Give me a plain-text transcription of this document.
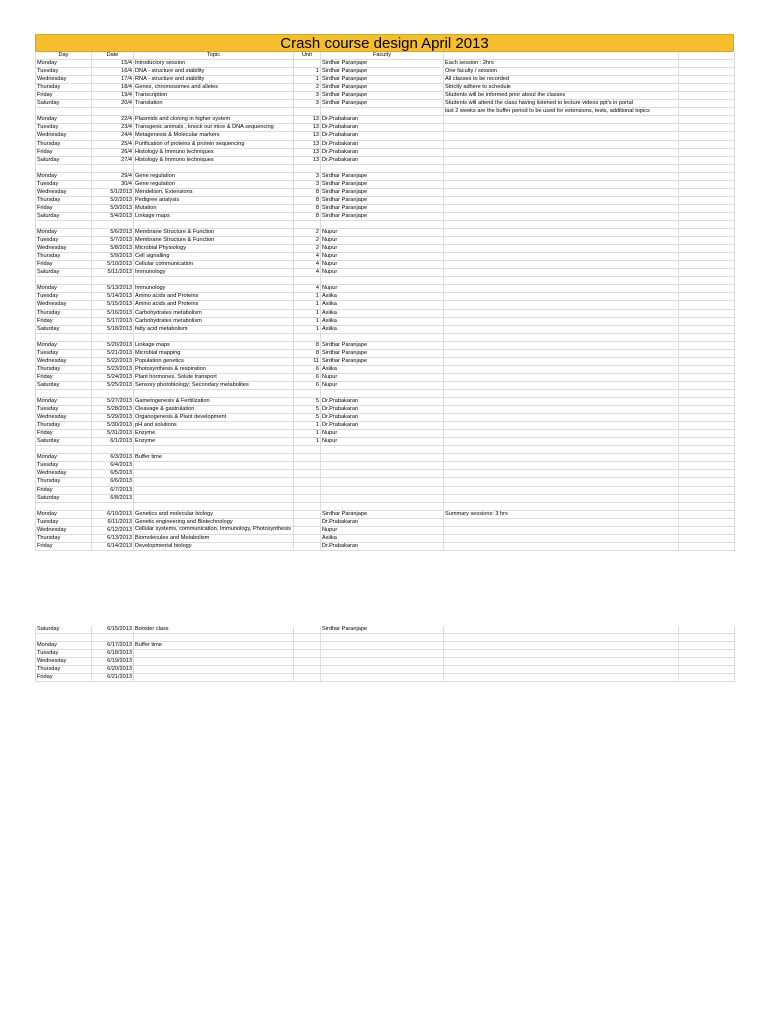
Crash course design April 2013
Day	Date	Topic	Unit	Faculty		
Monday	15/4	Introductory session		Sirdhar Paranjape	Each session : 2hrs	
Tuesday	16/4	DNA - structure and stability	1	Sirdhar Paranjape	One faculty / session	
Wednesday	17/4	RNA - structure and stability	1	Sirdhar Paranjape	All classes to be recorded	
Thursday	18/4	Genes, chromosomes and alleles	2	Sirdhar Paranjape	Strictly adhere to schedule	
Friday	19/4	Transcription	3	Sirdhar Paranjape	Students will be informed prior about the classes	
Saturday	20/4	Translation	3	Sirdhar Paranjape	Students will attend the class having listened to lecture videos ppt's in portal	
					last 2 weeks are the buffer period to be used for extensions, tests, additional topics	
Monday	22/4	Plasmids and cloning in higher system	13	Dr.Prabakaran		
Tuesday	23/4	Transgenic animals , knock out mice & DNA sequencing	13	Dr.Prabakaran		
Wednesday	24/4	Metagenesis & Molecular markers	13	Dr.Prabakaran		
Thursday	25/4	Purification of proteins & protein sequencing	13	Dr.Prabakaran		
Friday	26/4	Histology & Immuno techniques	13	Dr.Prabakaran		
Saturday	27/4	Histology & Immuno techniques	13	Dr.Prabakaran		

Monday	29/4	Gene regulation	3	Sirdhar Paranjape		
Tuesday	30/4	Gene regulation	3	Sirdhar Paranjape		
Wednesday	5/1/2013	Mendelism, Extensions	8	Sirdhar Paranjape		
Thursday	5/2/2013	Pedigree analysis	8	Sirdhar Paranjape		
Friday	5/3/2013	Mutation	8	Sirdhar Paranjape		
Saturday	5/4/2013	Linkage maps	8	Sirdhar Paranjape		

Monday	5/6/2013	Membrane Structure & Function	2	Nupur		
Tuesday	5/7/2013	Membrane Structure & Function	2	Nupur		
Wednesday	5/8/2013	Microbial Physiology	2	Nupur		
Thursday	5/9/2013	Cell signalling	4	Nupur		
Friday	5/10/2013	Cellular communication	4	Nupur		
Saturday	5/11/2013	Immunology	4	Nupur		

Monday	5/13/2013	Immunology	4	Nupur		
Tuesday	5/14/2013	Amino acids and Proteins	1	Asiika		
Wednesday	5/15/2013	Amino acids and Proteins	1	Asiika		
Thursday	5/16/2013	Carbohydrates metabolism	1	Asiika		
Friday	5/17/2013	Carbohydrates metabolism	1	Asiika		
Saturday	5/18/2013	fatty acid metabolism	1	Asiika		

Monday	5/20/2013	Linkage maps	8	Sirdhar Paranjape		
Tuesday	5/21/2013	Microbial mapping	8	Sirdhar Paranjape		
Wednesday	5/22/2013	Population genetics	11	Sirdhar Paranjape		
Thursday	5/23/2013	Photosynthesis & respiration	6	Asiika		
Friday	5/24/2013	Plant hormones, Solute transport	6	Nupur		
Saturday	5/25/2013	Sensory photobiology; Secondary metabolites	6	Nupur		

Monday	5/27/2013	Gametogenesis & Fertilization	5	Dr.Prabakaran		
Tuesday	5/28/2013	Cleavage & gastrulation	5	Dr.Prabakaran		
Wednesday	5/29/2013	Organogenesis & Plant development	5	Dr.Prabakaran		
Thursday	5/30/2013	pH and solutions	1	Dr.Prabakaran		
Friday	5/31/2013	Enzyme	1	Nupur		
Saturday	6/1/2013	Enzyme	1	Nupur		

Monday	6/3/2013	Buffer time				
Tuesday	6/4/2013					
Wednesday	6/5/2013					
Thursday	6/6/2013					
Friday	6/7/2013					
Saturday	6/8/2013					

Monday	6/10/2013	Genetics and molecular biology		Sirdhar Paranjape	Summary sessions: 3 hrs	
Tuesday	6/11/2013	Genetic engineering and Biotechnology		Dr.Prabakaran		
Wednesday	6/12/2013	Cellular systems, communication, Immunology, Photosynthesis		Nupur		
Thursday	6/13/2013	Biomolecules and Metabolism		Asiika		
Friday	6/14/2013	Developmental biology		Dr.Prabakaran		
Saturday	6/15/2013	Booster class		Sirdhar Paranjape		

Monday	6/17/2013	Buffer time				
Tuesday	6/18/2013					
Wednesday	6/19/2013					
Thursday	6/20/2013					
Friday	6/21/2013					
